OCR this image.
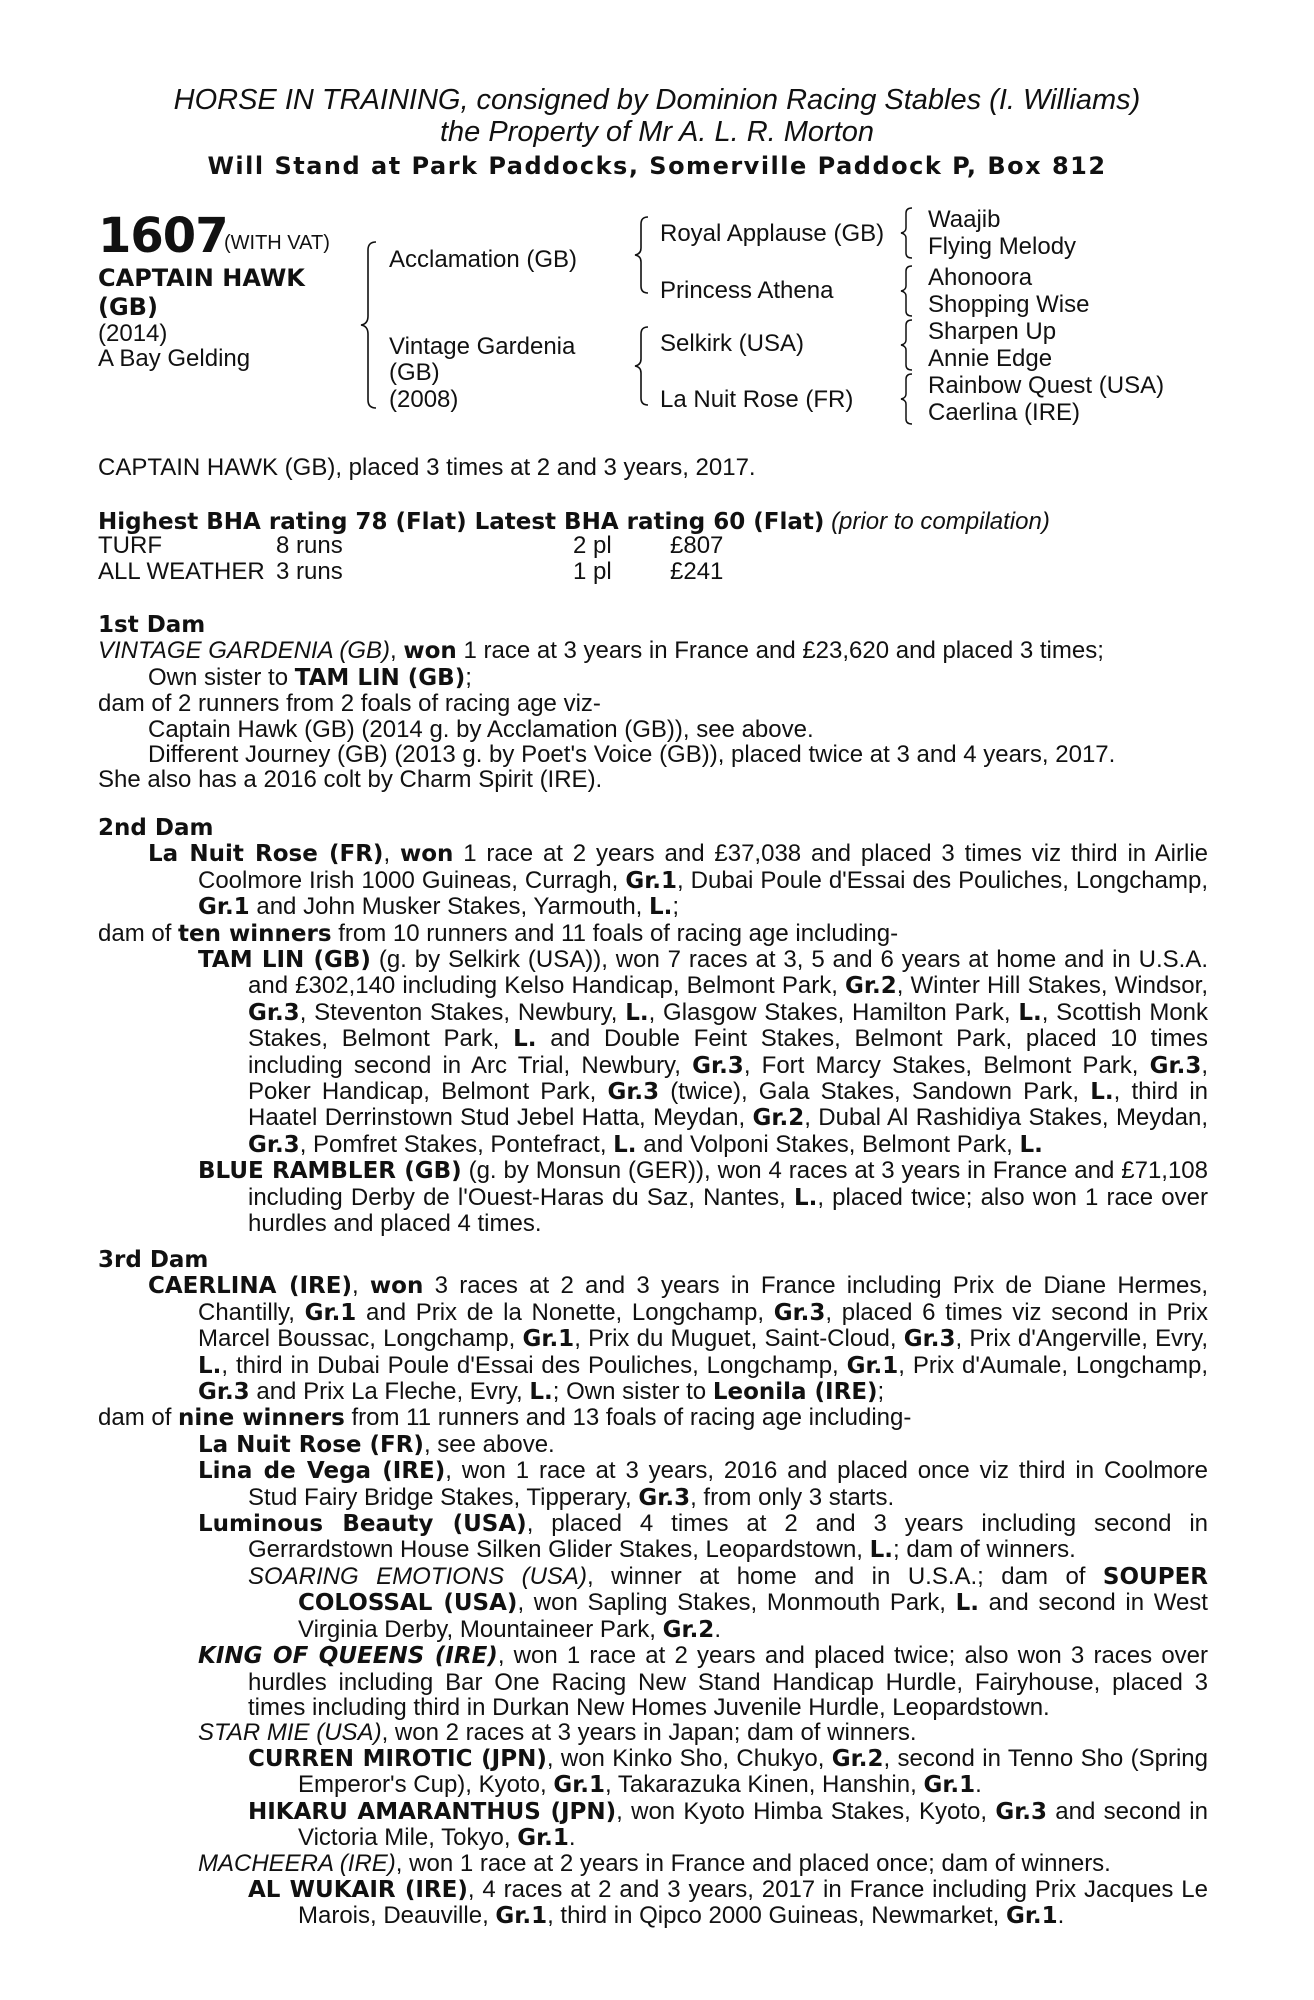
HORSE IN TRAINING, consigned by Dominion Racing Stables (I. Williams)
the Property of Mr A. L. R. Morton
Will Stand at Park Paddocks, Somerville Paddock P, Box 812
1607
(WITH VAT)
CAPTAIN HAWK
(GB)
(2014)
A Bay Gelding
Acclamation (GB)
Vintage Gardenia
(GB)
(2008)
Royal Applause (GB)
Princess Athena
Selkirk (USA)
La Nuit Rose (FR)
Waajib
Flying Melody
Ahonoora
Shopping Wise
Sharpen Up
Annie Edge
Rainbow Quest (USA)
Caerlina (IRE)
CAPTAIN HAWK (GB), placed 3 times at 2 and 3 years, 2017.
Highest BHA rating 78 (Flat) Latest BHA rating 60 (Flat) (prior to compilation)
TURF	8 runs	2 pl £807
ALL WEATHER 3 runs	1 pl £241

1st Dam

VINTAGE GARDENIA (GB), won 1 race at 3 years in France and £23,620 and placed 3 times;

Own sister to TAM LIN (GB);

dam of 2 runners from 2 foals of racing age viz-

Captain Hawk (GB) (2014 g. by Acclamation (GB)), see above.

Different Journey (GB) (2013 g. by Poet's Voice (GB)), placed twice at 3 and 4 years, 2017.

She also has a 2016 colt by Charm Spirit (IRE).

2nd Dam

La Nuit Rose (FR), won 1 race at 2 years and £37,038 and placed 3 times viz third in Airlie Coolmore Irish 1000 Guineas, Curragh, Gr.1, Dubai Poule d'Essai des Pouliches, Longchamp, Gr.1 and John Musker Stakes, Yarmouth, L.;

dam of ten winners from 10 runners and 11 foals of racing age including-

TAM LIN (GB) (g. by Selkirk (USA)), won 7 races at 3, 5 and 6 years at home and in U.S.A. and £302,140 including Kelso Handicap, Belmont Park, Gr.2, Winter Hill Stakes, Windsor, Gr.3, Steventon Stakes, Newbury, L., Glasgow Stakes, Hamilton Park, L., Scottish Monk Stakes, Belmont Park, L. and Double Feint Stakes, Belmont Park, placed 10 times including second in Arc Trial, Newbury, Gr.3, Fort Marcy Stakes, Belmont Park, Gr.3, Poker Handicap, Belmont Park, Gr.3 (twice), Gala Stakes, Sandown Park, L., third in Haatel Derrinstown Stud Jebel Hatta, Meydan, Gr.2, Dubal Al Rashidiya Stakes, Meydan, Gr.3, Pomfret Stakes, Pontefract, L. and Volponi Stakes, Belmont Park, L.

BLUE RAMBLER (GB) (g. by Monsun (GER)), won 4 races at 3 years in France and £71,108 including Derby de l'Ouest-Haras du Saz, Nantes, L., placed twice; also won 1 race over hurdles and placed 4 times.

3rd Dam

CAERLINA (IRE), won 3 races at 2 and 3 years in France including Prix de Diane Hermes, Chantilly, Gr.1 and Prix de la Nonette, Longchamp, Gr.3, placed 6 times viz second in Prix Marcel Boussac, Longchamp, Gr.1, Prix du Muguet, Saint-Cloud, Gr.3, Prix d'Angerville, Evry, L., third in Dubai Poule d'Essai des Pouliches, Longchamp, Gr.1, Prix d'Aumale, Longchamp, Gr.3 and Prix La Fleche, Evry, L.; Own sister to Leonila (IRE);

dam of nine winners from 11 runners and 13 foals of racing age including-

La Nuit Rose (FR), see above.

Lina de Vega (IRE), won 1 race at 3 years, 2016 and placed once viz third in Coolmore Stud Fairy Bridge Stakes, Tipperary, Gr.3, from only 3 starts.

Luminous Beauty (USA), placed 4 times at 2 and 3 years including second in Gerrardstown House Silken Glider Stakes, Leopardstown, L.; dam of winners.

SOARING EMOTIONS (USA), winner at home and in U.S.A.; dam of SOUPER COLOSSAL (USA), won Sapling Stakes, Monmouth Park, L. and second in West Virginia Derby, Mountaineer Park, Gr.2.

KING OF QUEENS (IRE), won 1 race at 2 years and placed twice; also won 3 races over hurdles including Bar One Racing New Stand Handicap Hurdle, Fairyhouse, placed 3 times including third in Durkan New Homes Juvenile Hurdle, Leopardstown.

STAR MIE (USA), won 2 races at 3 years in Japan; dam of winners.

CURREN MIROTIC (JPN), won Kinko Sho, Chukyo, Gr.2, second in Tenno Sho (Spring Emperor's Cup), Kyoto, Gr.1, Takarazuka Kinen, Hanshin, Gr.1.

HIKARU AMARANTHUS (JPN), won Kyoto Himba Stakes, Kyoto, Gr.3 and second in Victoria Mile, Tokyo, Gr.1.

MACHEERA (IRE), won 1 race at 2 years in France and placed once; dam of winners.

AL WUKAIR (IRE), 4 races at 2 and 3 years, 2017 in France including Prix Jacques Le Marois, Deauville, Gr.1, third in Qipco 2000 Guineas, Newmarket, Gr.1.
